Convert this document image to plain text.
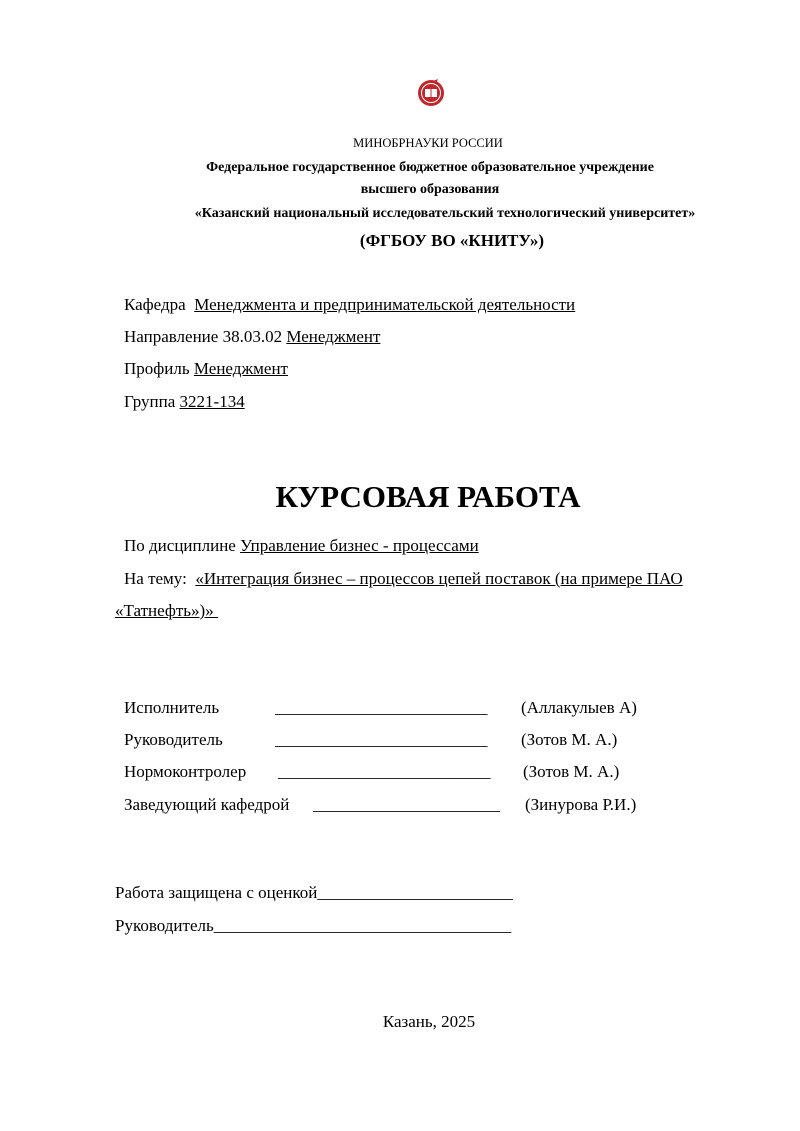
МИНОБРНАУКИ РОССИИ
Федеральное государственное бюджетное образовательное учреждение
высшего образования
«Казанский национальный исследовательский технологический университет»
(ФГБОУ ВО «КНИТУ»)
Кафедра Менеджмента и предпринимательской деятельности
Направление 38.03.02 Менеджмент
Профиль Менеджмент
Группа 3221-134
КУРСОВАЯ РАБОТА
По дисциплине Управление бизнес - процессами
На тему: «Интеграция бизнес – процессов цепей поставок (на примере ПАО
«Татнефть»)»
Исполнитель	_________________________ (Аллакулыев А)
Руководитель	_________________________ (Зотов М. А.)
Нормоконтролер _________________________ (Зотов М. А.)
Заведующий кафедрой ______________________ (Зинурова Р.И.)
Работа защищена с оценкой_______________________
Руководитель___________________________________
Казань, 2025
